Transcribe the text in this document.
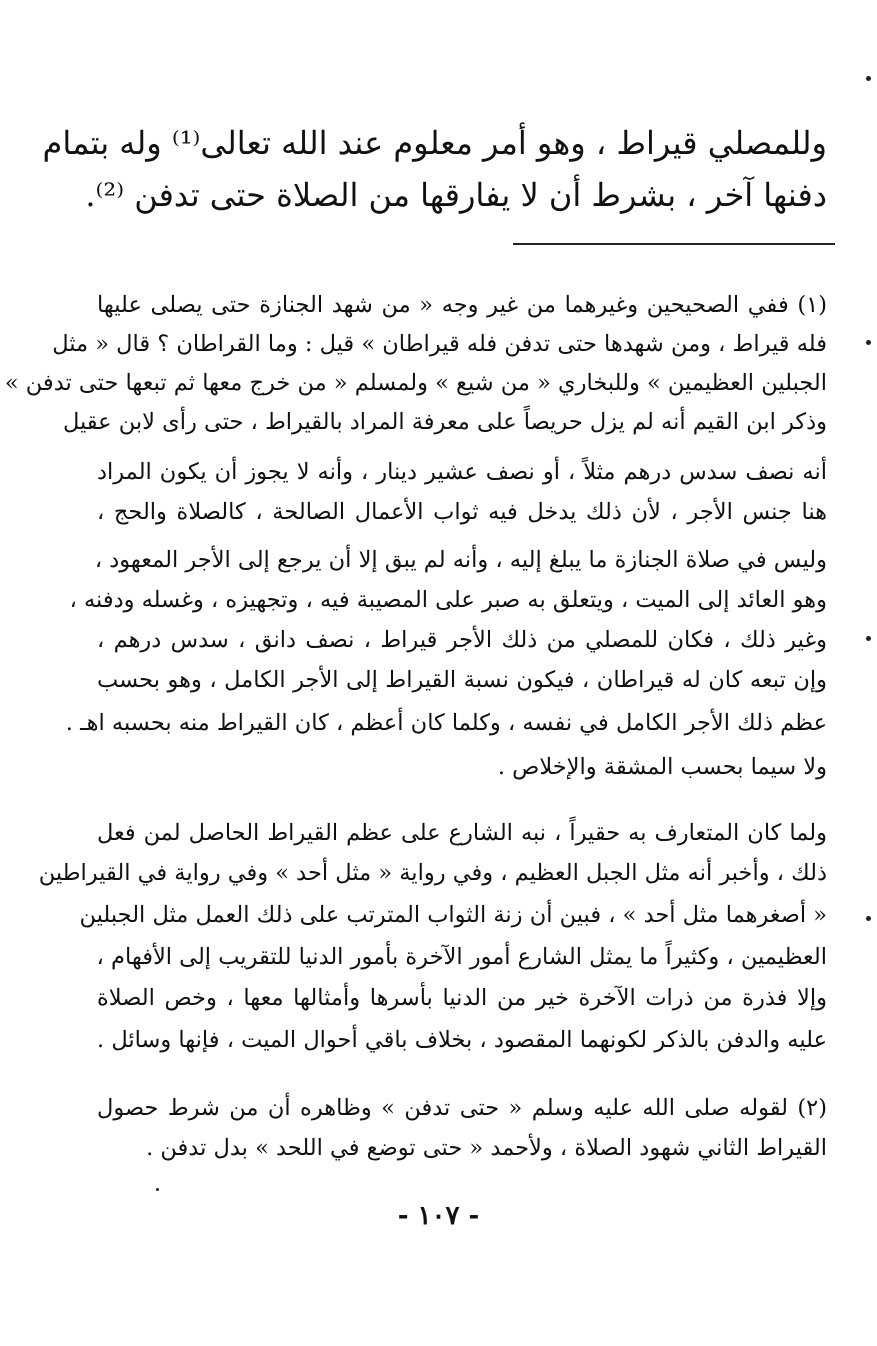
وللمصلي قيراط ، وهو أمر معلوم عند الله تعالى⁽¹⁾ وله بتمام
دفنها آخر ، بشرط أن لا يفارقها من الصلاة حتى تدفن ⁽²⁾.
(١) ففي الصحيحين وغيرهما من غير وجه « من شهد الجنازة حتى يصلى عليها
فله قيراط ، ومن شهدها حتى تدفن فله قيراطان » قيل : وما القراطان ؟ قال « مثل
الجبلين العظيمين » وللبخاري « من شيع » ولمسلم « من خرج معها ثم تبعها حتى تدفن »
وذكر ابن القيم أنه لم يزل حريصاً على معرفة المراد بالقيراط ، حتى رأى لابن عقيل
أنه نصف سدس درهم مثلاً ، أو نصف عشير دينار ، وأنه لا يجوز أن يكون المراد
هنا جنس الأجر ، لأن ذلك يدخل فيه ثواب الأعمال الصالحة ، كالصلاة والحج ،
وليس في صلاة الجنازة ما يبلغ إليه ، وأنه لم يبق إلا أن يرجع إلى الأجر المعهود ،
وهو العائد إلى الميت ، ويتعلق به صبر على المصيبة فيه ، وتجهيزه ، وغسله ودفنه ،
وغير ذلك ، فكان للمصلي من ذلك الأجر قيراط ، نصف دانق ، سدس درهم ،
وإن تبعه كان له قيراطان ، فيكون نسبة القيراط إلى الأجر الكامل ، وهو بحسب
عظم ذلك الأجر الكامل في نفسه ، وكلما كان أعظم ، كان القيراط منه بحسبه اهـ .
ولا سيما بحسب المشقة والإخلاص .
ولما كان المتعارف به حقيراً ، نبه الشارع على عظم القيراط الحاصل لمن فعل
ذلك ، وأخبر أنه مثل الجبل العظيم ، وفي رواية « مثل أحد » وفي رواية في القيراطين
« أصغرهما مثل أحد » ، فبين أن زنة الثواب المترتب على ذلك العمل مثل الجبلين
العظيمين ، وكثيراً ما يمثل الشارع أمور الآخرة بأمور الدنيا للتقريب إلى الأفهام ،
وإلا فذرة من ذرات الآخرة خير من الدنيا بأسرها وأمثالها معها ، وخص الصلاة
عليه والدفن بالذكر لكونهما المقصود ، بخلاف باقي أحوال الميت ، فإنها وسائل .
(٢) لقوله صلى الله عليه وسلم « حتى تدفن » وظاهره أن من شرط حصول
القيراط الثاني شهود الصلاة ، ولأحمد « حتى توضع في اللحد » بدل تدفن .
- ١٠٧ -
